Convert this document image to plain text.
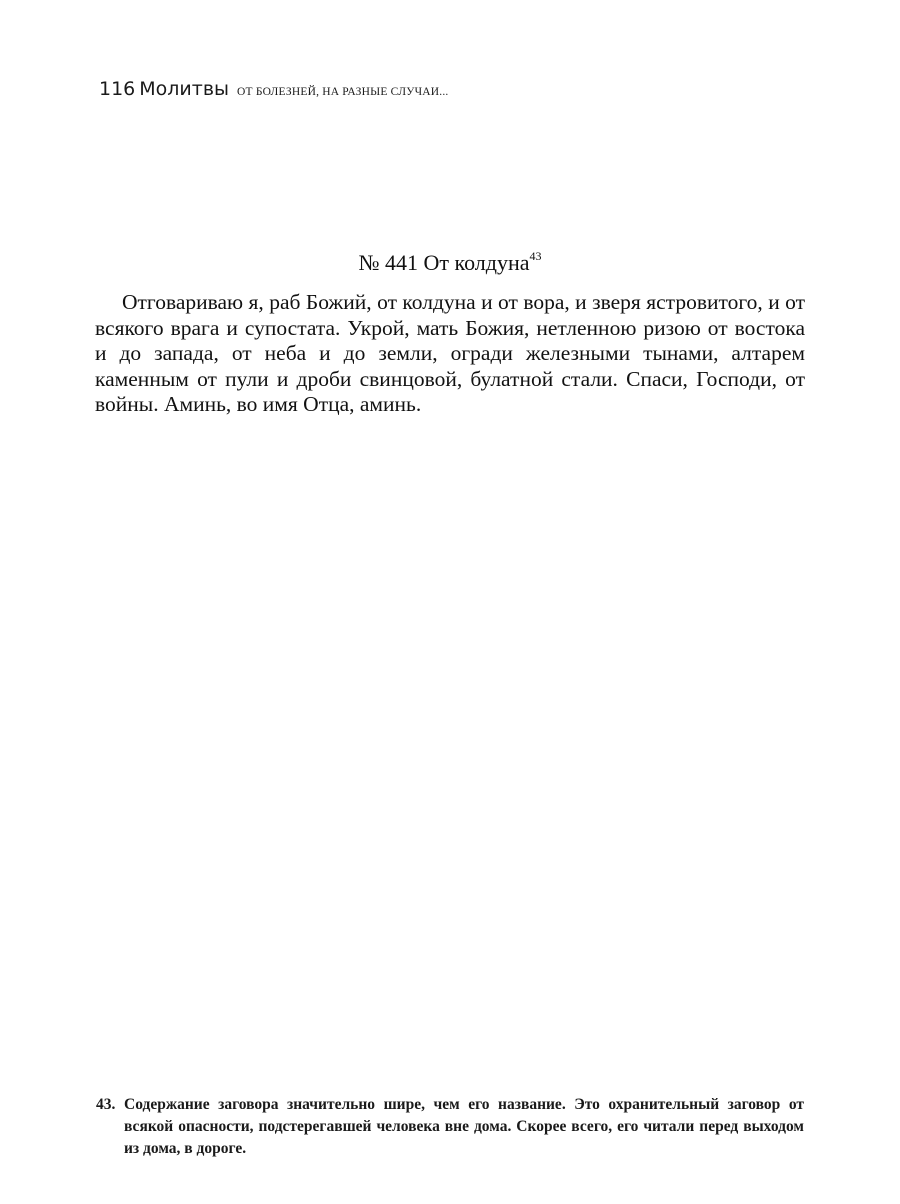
116 Молитвы ОТ БОЛЕЗНЕЙ, НА РАЗНЫЕ СЛУЧАИ...
№ 441 От колдуна$^{43}$

Отговариваю я, раб Божий, от колдуна и от вора, и зверя ястровитого, и от всякого врага и супостата. Укрой, мать Божия, нетленною ризою от востока и до запада, от неба и до земли, огради железными тынами, алтарем каменным от пули и дроби свинцовой, булатной стали. Спаси, Господи, от войны. Аминь, во имя Отца, аминь.

43. Содержание заговора значительно шире, чем его название. Это охранительный заговор от всякой опасности, подстерегавшей человека вне дома. Скорее всего, его читали перед выходом из дома, в дороге.
